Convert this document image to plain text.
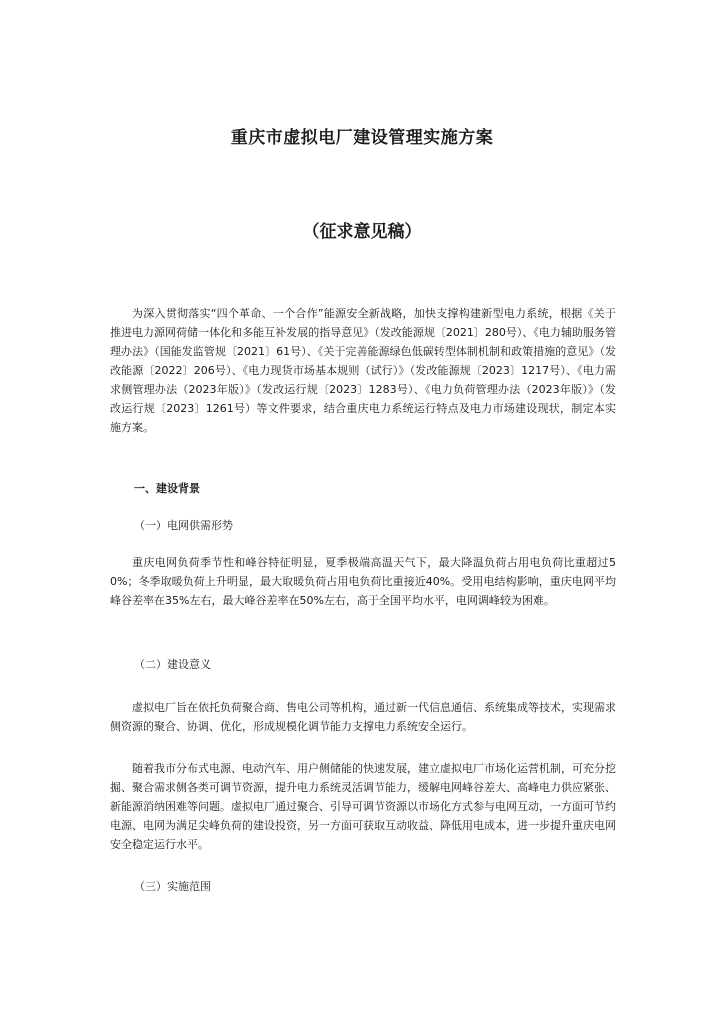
重庆市虚拟电厂建设管理实施方案
（征求意见稿）

为深入贯彻落实“四个革命、一个合作”能源安全新战略，加快支撑构建新型电力系统，根据《关于推进电力源网荷储一体化和多能互补发展的指导意见》（发改能源规〔2021〕280号）、《电力辅助服务管理办法》（国能发监管规〔2021〕61号）、《关于完善能源绿色低碳转型体制机制和政策措施的意见》（发改能源〔2022〕206号）、《电力现货市场基本规则（试行）》（发改能源规〔2023〕1217号）、《电力需求侧管理办法（2023年版）》（发改运行规〔2023〕1283号）、《电力负荷管理办法（2023年版）》（发改运行规〔2023〕1261号）等文件要求，结合重庆电力系统运行特点及电力市场建设现状，制定本实施方案。

一、建设背景

（一）电网供需形势

重庆电网负荷季节性和峰谷特征明显，夏季极端高温天气下，最大降温负荷占用电负荷比重超过50%；冬季取暖负荷上升明显，最大取暖负荷占用电负荷比重接近40%。受用电结构影响，重庆电网平均峰谷差率在35%左右，最大峰谷差率在50%左右，高于全国平均水平，电网调峰较为困难。

（二）建设意义

虚拟电厂旨在依托负荷聚合商、售电公司等机构，通过新一代信息通信、系统集成等技术，实现需求侧资源的聚合、协调、优化，形成规模化调节能力支撑电力系统安全运行。

随着我市分布式电源、电动汽车、用户侧储能的快速发展，建立虚拟电厂市场化运营机制，可充分挖掘、聚合需求侧各类可调节资源，提升电力系统灵活调节能力，缓解电网峰谷差大、高峰电力供应紧张、新能源消纳困难等问题。虚拟电厂通过聚合、引导可调节资源以市场化方式参与电网互动，一方面可节约电源、电网为满足尖峰负荷的建设投资，另一方面可获取互动收益、降低用电成本，进一步提升重庆电网安全稳定运行水平。

（三）实施范围
